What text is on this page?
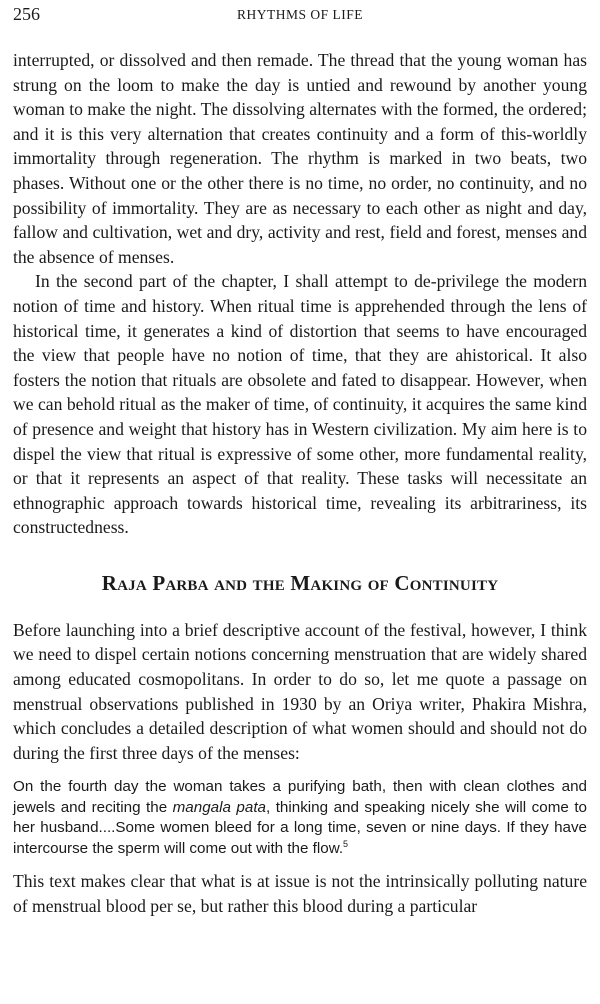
256	RHYTHMS OF LIFE

interrupted, or dissolved and then remade. The thread that the young woman has strung on the loom to make the day is untied and rewound by another young woman to make the night. The dissolving alternates with the formed, the ordered; and it is this very alternation that creates continuity and a form of this-worldly immortality through regeneration. The rhythm is marked in two beats, two phases. Without one or the other there is no time, no order, no continuity, and no possibility of immortality. They are as necessary to each other as night and day, fallow and cultivation, wet and dry, activity and rest, field and forest, menses and the absence of menses.

In the second part of the chapter, I shall attempt to de-privilege the modern notion of time and history. When ritual time is apprehended through the lens of historical time, it generates a kind of distortion that seems to have encouraged the view that people have no notion of time, that they are ahistorical. It also fosters the notion that rituals are obsolete and fated to disappear. However, when we can behold ritual as the maker of time, of continuity, it acquires the same kind of presence and weight that history has in Western civilization. My aim here is to dispel the view that ritual is expressive of some other, more fundamental reality, or that it represents an aspect of that reality. These tasks will necessitate an ethnographic approach towards historical time, revealing its arbitrariness, its constructedness.

Raja Parba and the Making of Continuity

Before launching into a brief descriptive account of the festival, however, I think we need to dispel certain notions concerning menstruation that are widely shared among educated cosmopolitans. In order to do so, let me quote a passage on menstrual observations published in 1930 by an Oriya writer, Phakira Mishra, which concludes a detailed description of what women should and should not do during the first three days of the menses:

On the fourth day the woman takes a purifying bath, then with clean clothes and jewels and reciting the mangala pata, thinking and speaking nicely she will come to her husband....Some women bleed for a long time, seven or nine days. If they have intercourse the sperm will come out with the flow.$^5$

This text makes clear that what is at issue is not the intrinsically polluting nature of menstrual blood per se, but rather this blood during a particular
